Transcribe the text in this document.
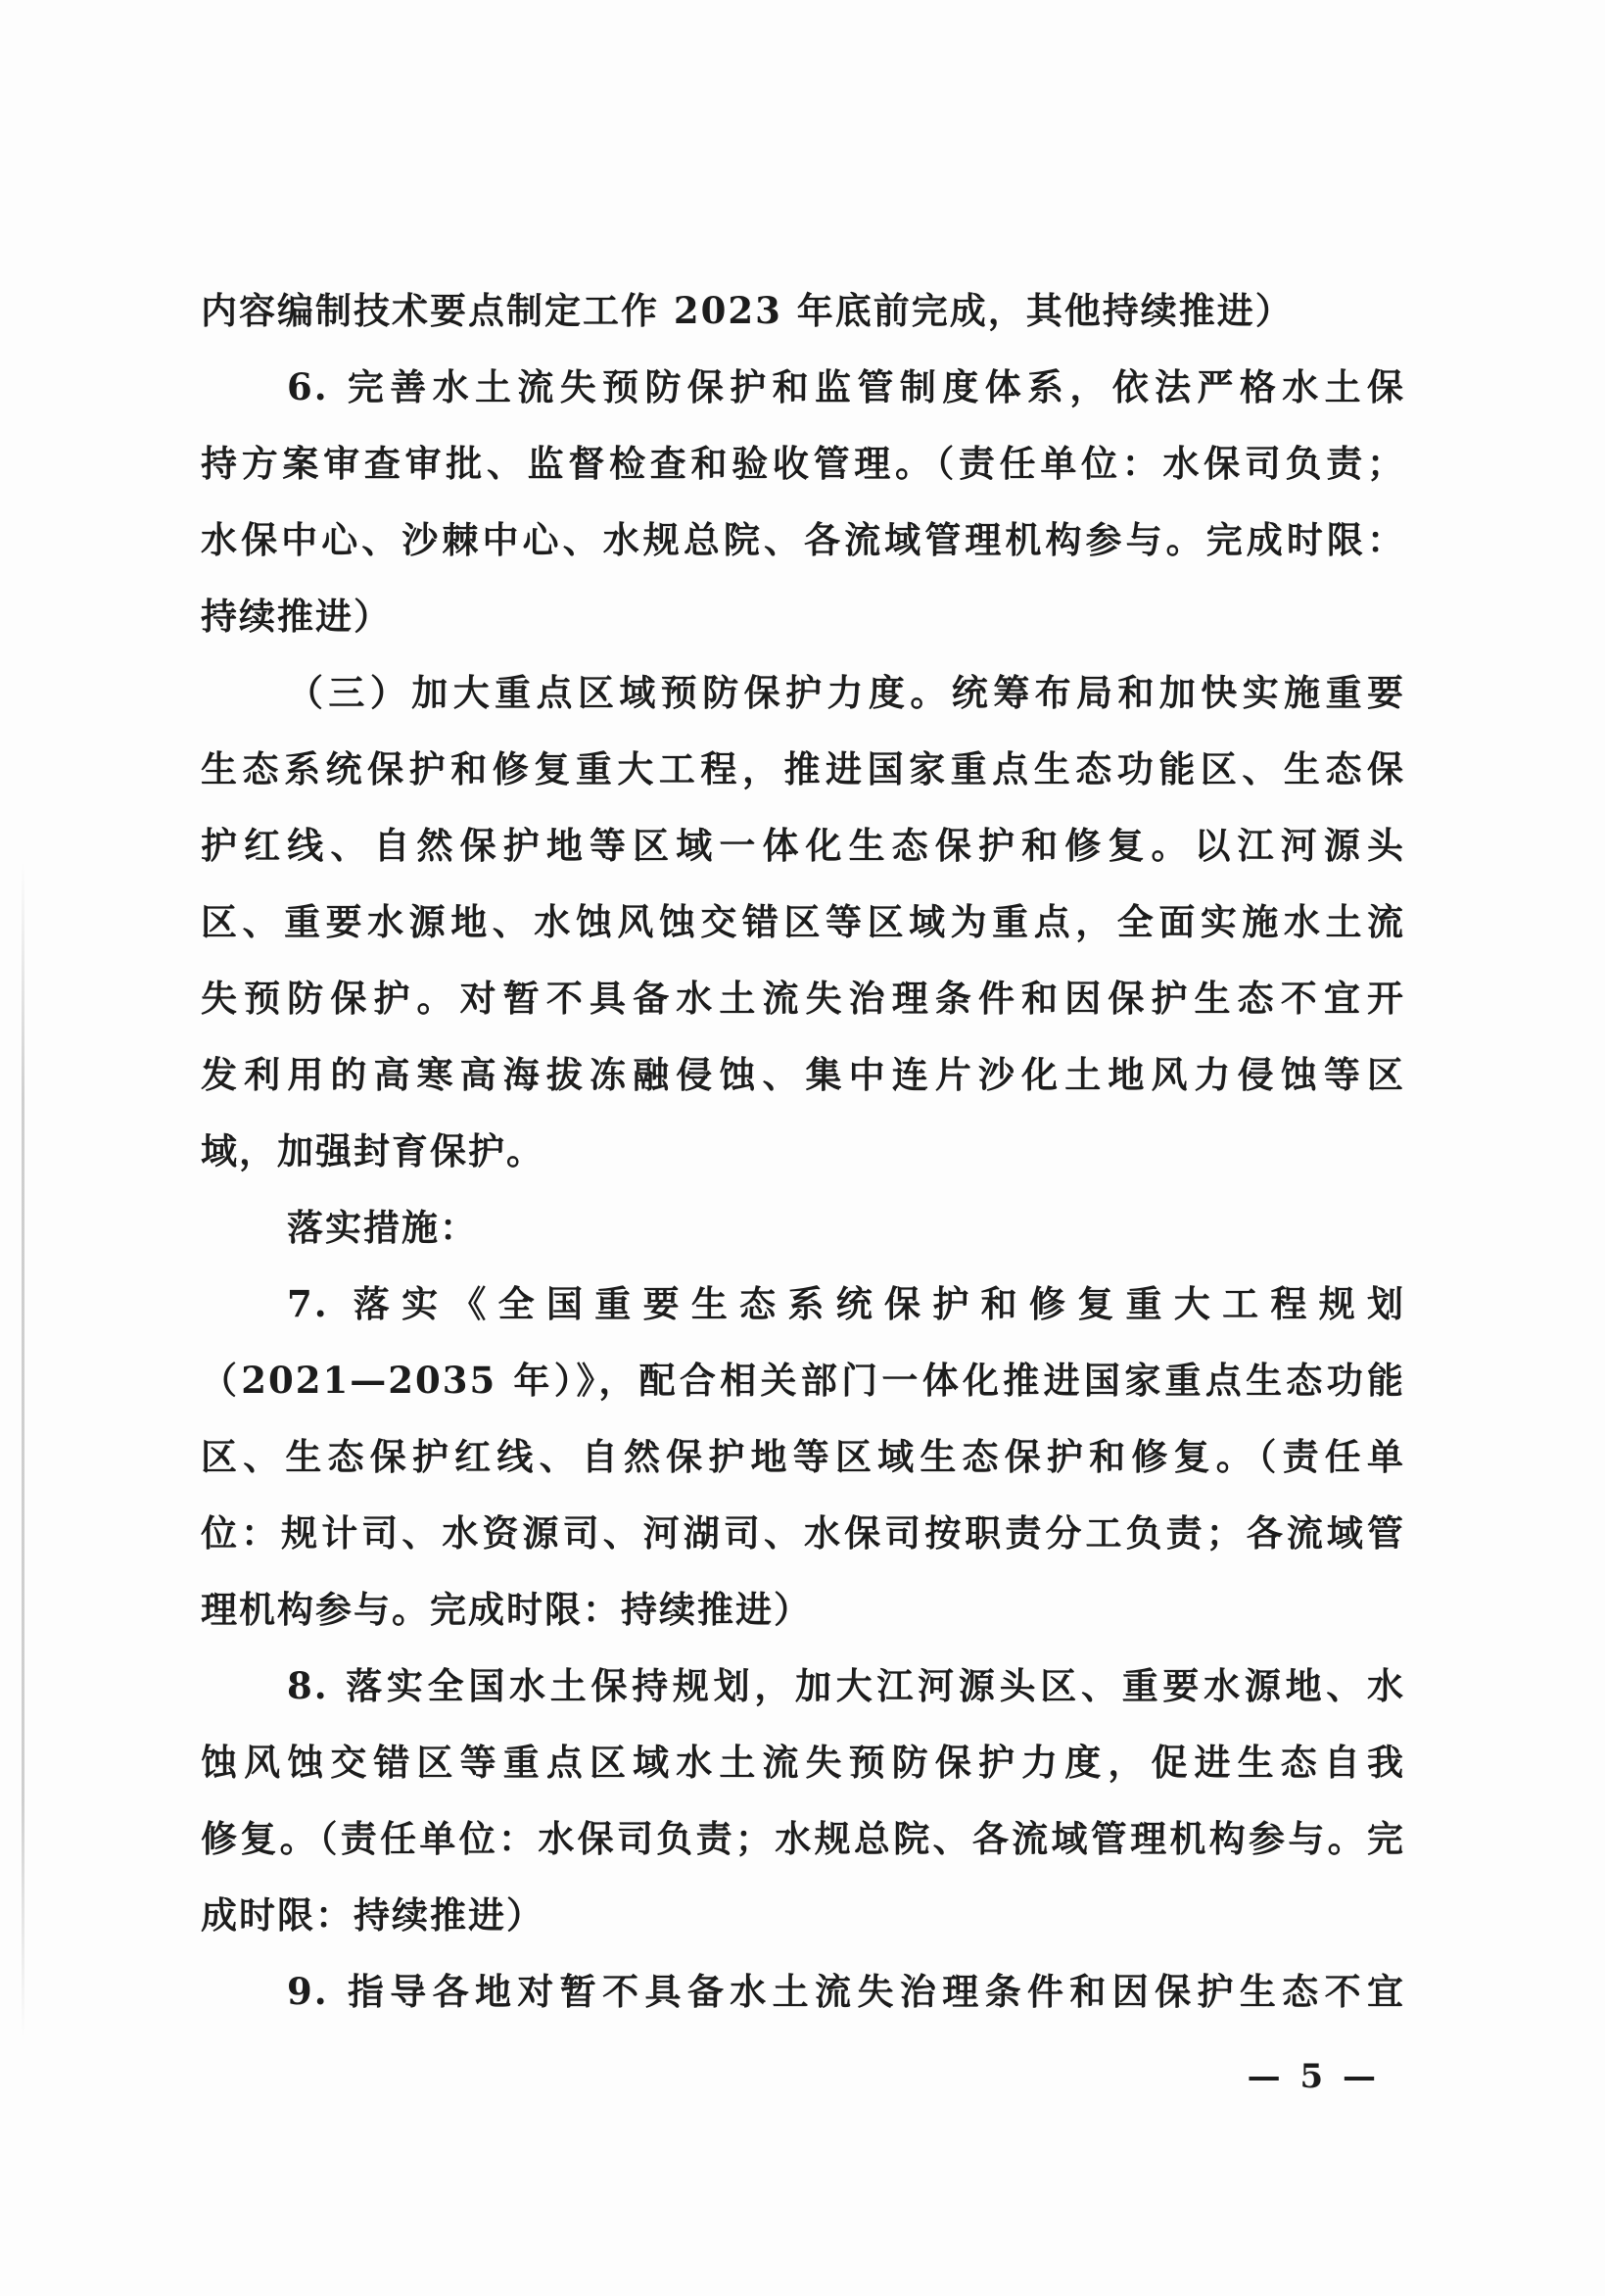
内容编制技术要点制定工作 2023 年底前完成，其他持续推进）
6. 完善水土流失预防保护和监管制度体系，依法严格水土保
持方案审查审批、监督检查和验收管理。（责任单位：水保司负责；
水保中心、沙棘中心、水规总院、各流域管理机构参与。完成时限：
持续推进）
（三）加大重点区域预防保护力度。统筹布局和加快实施重要
生态系统保护和修复重大工程，推进国家重点生态功能区、生态保
护红线、自然保护地等区域一体化生态保护和修复。以江河源头
区、重要水源地、水蚀风蚀交错区等区域为重点，全面实施水土流
失预防保护。对暂不具备水土流失治理条件和因保护生态不宜开
发利用的高寒高海拔冻融侵蚀、集中连片沙化土地风力侵蚀等区
域，加强封育保护。
落实措施：
7. 落实《全国重要生态系统保护和修复重大工程规划
（2021—2035 年）》，配合相关部门一体化推进国家重点生态功能
区、生态保护红线、自然保护地等区域生态保护和修复。（责任单
位：规计司、水资源司、河湖司、水保司按职责分工负责；各流域管
理机构参与。完成时限：持续推进）
8. 落实全国水土保持规划，加大江河源头区、重要水源地、水
蚀风蚀交错区等重点区域水土流失预防保护力度，促进生态自我
修复。（责任单位：水保司负责；水规总院、各流域管理机构参与。完
成时限：持续推进）
9. 指导各地对暂不具备水土流失治理条件和因保护生态不宜
— 5 —
